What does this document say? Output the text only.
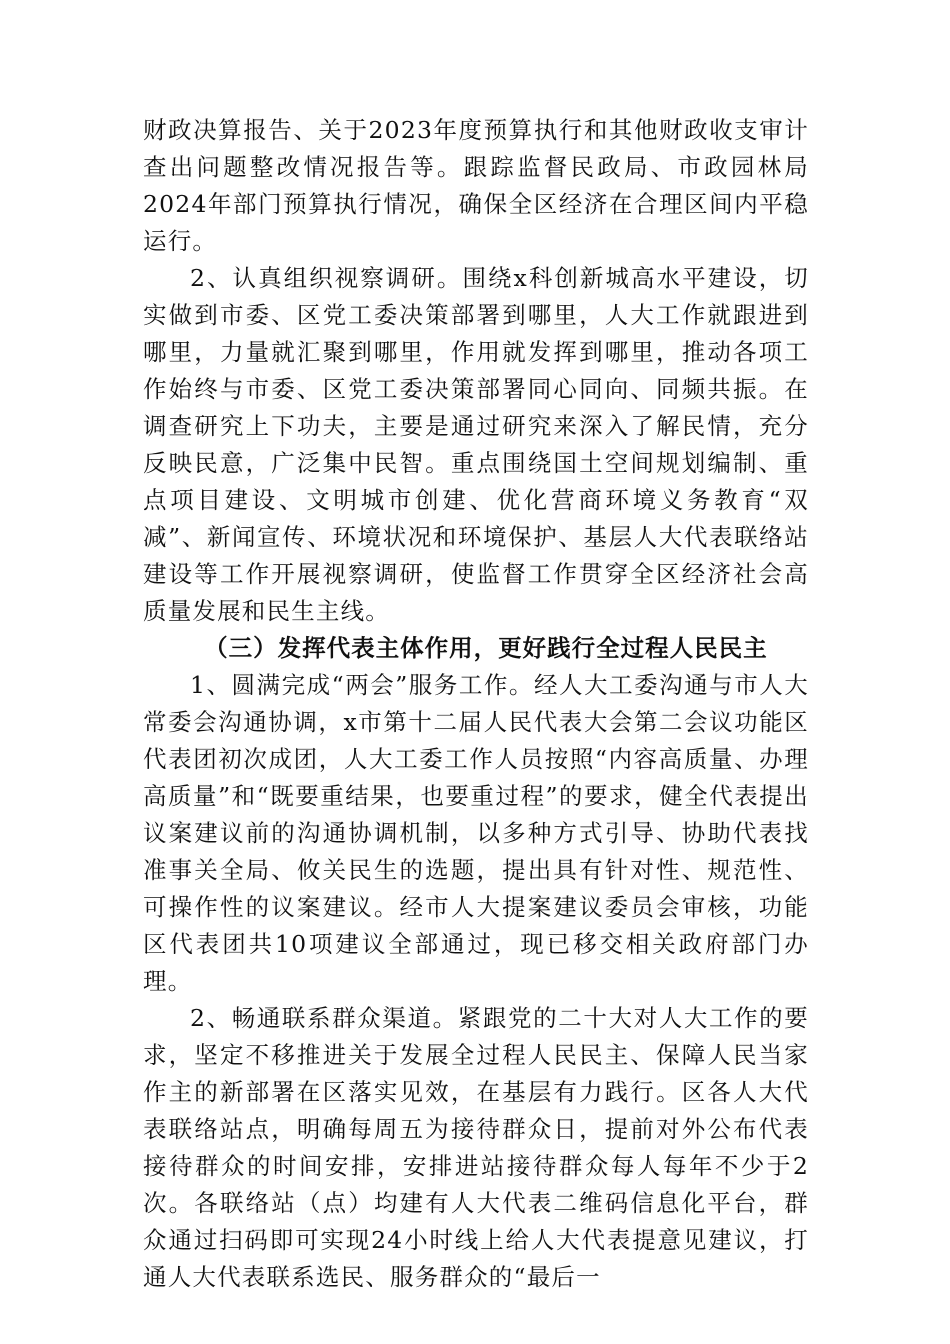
财政决算报告、关于2023年度预算执行和其他财政收支审计查出问题整改情况报告等。跟踪监督民政局、市政园林局2024年部门预算执行情况，确保全区经济在合理区间内平稳运行。

2、认真组织视察调研。围绕x科创新城高水平建设，切实做到市委、区党工委决策部署到哪里，人大工作就跟进到哪里，力量就汇聚到哪里，作用就发挥到哪里，推动各项工作始终与市委、区党工委决策部署同心同向、同频共振。在调查研究上下功夫，主要是通过研究来深入了解民情，充分反映民意，广泛集中民智。重点围绕国土空间规划编制、重点项目建设、文明城市创建、优化营商环境义务教育“双减”、新闻宣传、环境状况和环境保护、基层人大代表联络站建设等工作开展视察调研，使监督工作贯穿全区经济社会高质量发展和民生主线。

（三）发挥代表主体作用，更好践行全过程人民民主

1、圆满完成“两会”服务工作。经人大工委沟通与市人大常委会沟通协调，x市第十二届人民代表大会第二会议功能区代表团初次成团，人大工委工作人员按照“内容高质量、办理高质量”和“既要重结果，也要重过程”的要求，健全代表提出议案建议前的沟通协调机制，以多种方式引导、协助代表找准事关全局、攸关民生的选题，提出具有针对性、规范性、可操作性的议案建议。经市人大提案建议委员会审核，功能区代表团共10项建议全部通过，现已移交相关政府部门办理。

2、畅通联系群众渠道。紧跟党的二十大对人大工作的要求，坚定不移推进关于发展全过程人民民主、保障人民当家作主的新部署在区落实见效，在基层有力践行。区各人大代表联络站点，明确每周五为接待群众日，提前对外公布代表接待群众的时间安排，安排进站接待群众每人每年不少于2次。各联络站（点）均建有人大代表二维码信息化平台，群众通过扫码即可实现24小时线上给人大代表提意见建议，打通人大代表联系选民、服务群众的“最后一
